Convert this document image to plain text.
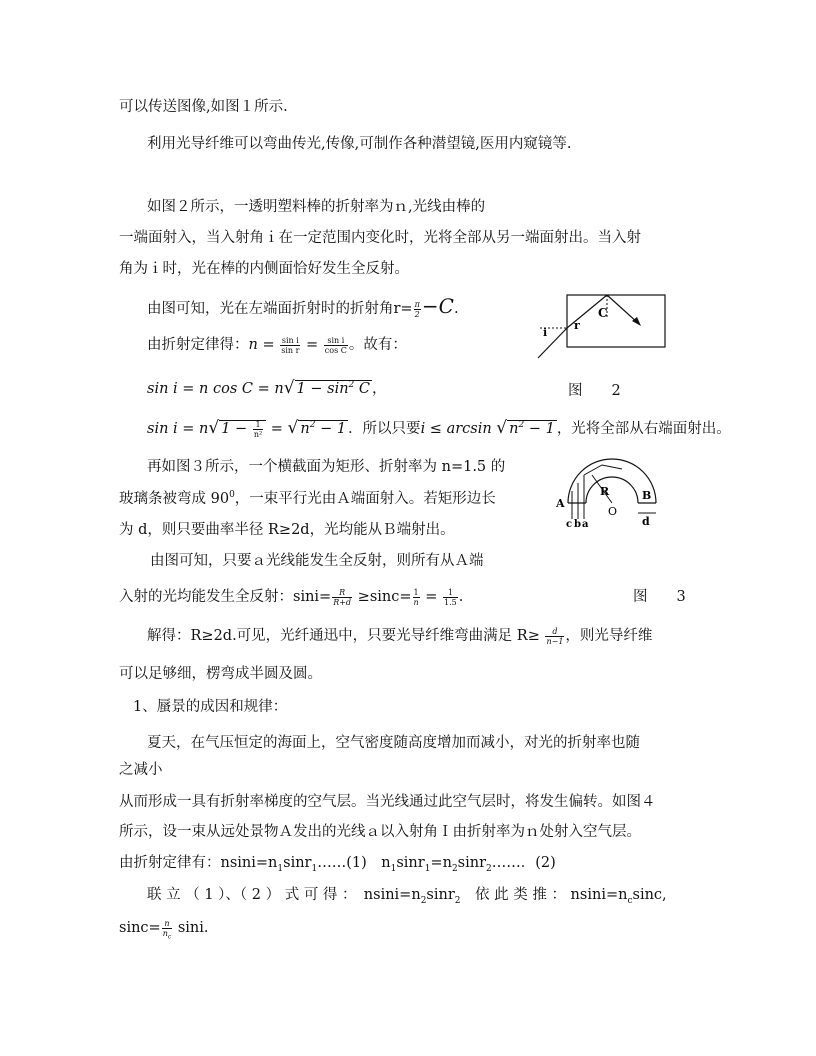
可以传送图像,如图１所示.
利用光导纤维可以弯曲传光,传像,可制作各种潜望镜,医用内窥镜等.
如图２所示，一透明塑料棒的折射率为ｎ,光线由棒的
一端面射入，当入射角ｉ在一定范围内变化时，光将全部从另一端面射出。当入射
角为ｉ时，光在棒的内侧面恰好发生全反射。
由图可知，光在左端面折射时的折射角$r= \frac{\pi}{2} -C$.
由折射定律得：$n = \frac{\text{sin i}}{\text{sin r}} = \frac{\text{sin i}}{\text{cos C}}$ 。故有：
sin i = n cos C = n√ $1 - \sin^2 C$ ，	图　　2
sin i = n√ $1 - \frac{1}{\text{n²}}$ = √ $n^2 - 1$ ．所以只要i ≤ arcsin √ $n^2 - 1$ ，光将全部从右端面射出。
再如图３所示，一个横截面为矩形、折射率为 n=1.5 的
玻璃条被弯成 $90^0$，一束平行光由Ａ端面射入。若矩形边长
为 d，则只要曲率半径 R≥2d，光均能从Ｂ端射出。
由图可知，只要ａ光线能发生全反射，则所有从Ａ端
入射的光均能发生全反射：$\sin i= \frac{R}{R+d} \ge\sin c= \frac{1}{n} = \frac{1}{1.5}$ .	图　　3
解得：R≥2d.可见，光纤通迅中，只要光导纤维弯曲满足 $R\ge \frac{d}{n-1}$ ，则光导纤维
可以足够细，楞弯成半圆及圆。
1、蜃景的成因和规律：
夏天，在气压恒定的海面上，空气密度随高度增加而减小，对光的折射率也随
之减小
从而形成一具有折射率梯度的空气层。当光线通过此空气层时，将发生偏转。如图４
所示，设一束从远处景物Ａ发出的光线ａ以入射角Ｉ由折射率为ｎ处射入空气层。
由折射定律有：$nsini=n_1\sin r_1\dots\dots(1)$　$n_1\sin r_1=n_2\sin r_2\dots\dots$．(2)
联 立 （ 1 ）、（ 2 ） 式 可 得 ：　$nsini=n_2\sin r_2$　依 此 类 推 ： $nsini=n_c\sin c$,
$\sin c= \frac{n}{n_c} \sin i$.
C
r
i
R
O
B
A
d
c b a
